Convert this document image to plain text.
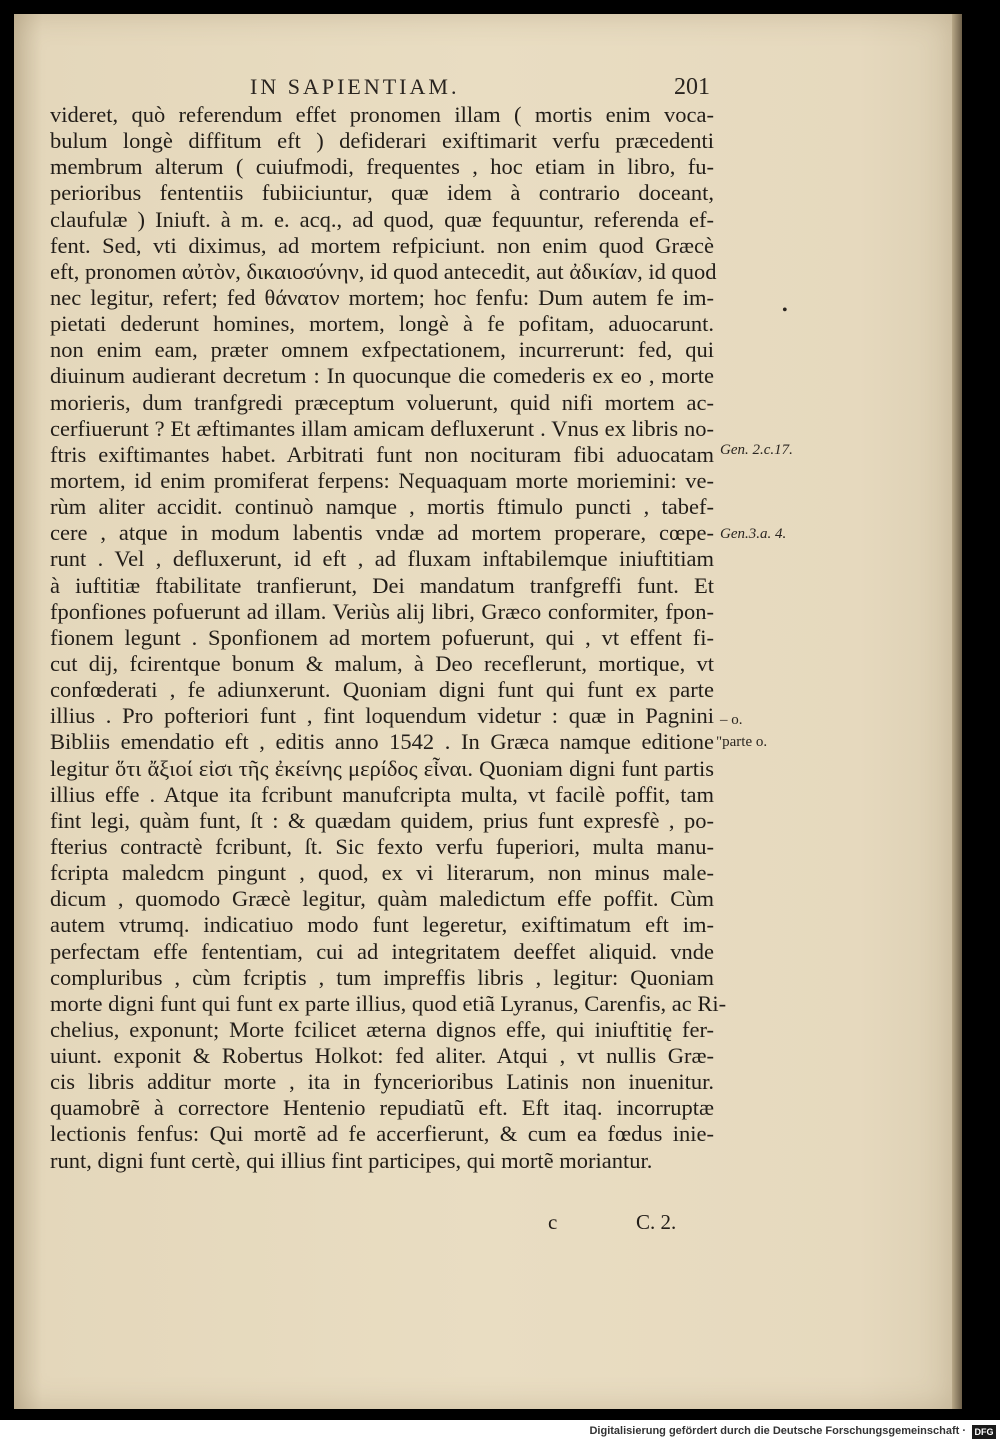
IN SAPIENTIAM.	201
videret, quò referendum effet pronomen illam ( mortis enim voca-
bulum longè diffitum eft ) defiderari exiftimarit verfu præcedenti
membrum alterum ( cuiufmodi, frequentes , hoc etiam in libro, fu-
perioribus fententiis fubiiciuntur, quæ idem à contrario doceant,
claufulæ ) Iniuft. à m. e. acq., ad quod, quæ fequuntur, referenda ef-
fent. Sed, vti diximus, ad mortem refpiciunt. non enim quod Græcè
eft, pronomen αὐτὸν, δικαιοσύνην, id quod antecedit, aut ἀδικίαν, id quod
nec legitur, refert; fed θάνατον mortem; hoc fenfu: Dum autem fe im-
pietati dederunt homines, mortem, longè à fe pofitam, aduocarunt.
non enim eam, præter omnem exfpectationem, incurrerunt: fed, qui
diuinum audierant decretum : In quocunque die comederis ex eo , morte
morieris, dum tranfgredi præceptum voluerunt, quid nifi mortem ac-
cerfiuerunt ? Et æftimantes illam amicam defluxerunt . Vnus ex libris no-
ftris exiftimantes habet. Arbitrati funt non nocituram fibi aduocatam
mortem, id enim promiferat ferpens: Nequaquam morte moriemini: ve-
rùm aliter accidit. continuò namque , mortis ftimulo puncti , tabef-
cere , atque in modum labentis vndæ ad mortem properare, cœpe-
runt . Vel , defluxerunt, id eft , ad fluxam inftabilemque iniuftitiam
à iuftitiæ ftabilitate tranfierunt, Dei mandatum tranfgreffi funt. Et
fponfiones pofuerunt ad illam. Veriùs alij libri, Græco conformiter, fpon-
fionem legunt . Sponfionem ad mortem pofuerunt, qui , vt effent fi-
cut dij, fcirentque bonum & malum, à Deo receflerunt, mortique, vt
confœderati , fe adiunxerunt. Quoniam digni funt qui funt ex parte
illius . Pro pofteriori funt , fint loquendum videtur : quæ in Pagnini
Bibliis emendatio eft , editis anno 1542 . In Græca namque editione
legitur ὅτι ἄξιοί εἰσι τῆς ἐκείνης μερίδος εἶναι. Quoniam digni funt partis
illius effe . Atque ita fcribunt manufcripta multa, vt facilè poffit, tam
fint legi, quàm funt, ſt : & quædam quidem, prius funt expresfè , po-
fterius contractè fcribunt, ſt. Sic fexto verfu fuperiori, multa manu-
fcripta maledcm pingunt , quod, ex vi literarum, non minus male-
dicum , quomodo Græcè legitur, quàm maledictum effe poffit. Cùm
autem vtrumq. indicatiuo modo funt legeretur, exiftimatum eft im-
perfectam effe fententiam, cui ad integritatem deeffet aliquid. vnde
compluribus , cùm fcriptis , tum impreffis libris , legitur: Quoniam
morte digni funt qui funt ex parte illius, quod etiã Lyranus, Carenfis, ac Ri-
chelius, exponunt; Morte fcilicet æterna dignos effe, qui iniuftitię fer-
uiunt. exponit & Robertus Holkot: fed aliter. Atqui , vt nullis Græ-
cis libris additur morte , ita in fyncerioribus Latinis non inuenitur.
quamobrẽ à correctore Hentenio repudiatũ eft. Eft itaq. incorruptæ
lectionis fenfus: Qui mortẽ ad fe accerfierunt, & cum ea fœdus inie-
runt, digni funt certè, qui illius fint participes, qui mortẽ moriantur.
•
Gen. 2.c.17.
Gen.3.a. 4.
– o.
"parte o.
c	C. 2.
Digitalisierung gefördert durch die Deutsche Forschungsgemeinschaft · DFG
